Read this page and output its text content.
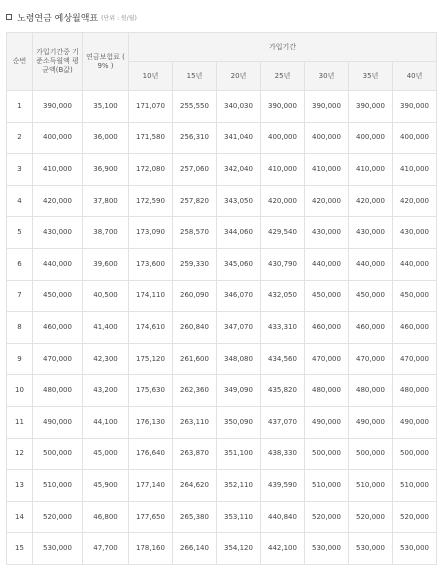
노령연금 예상월액표 (단위 : 원/월)
순번	가입기간중 기준소득월액 평균액(B값)	연금보험료 ( 9% )	가입기간						
			10년	15년	20년	25년	30년	35년	40년
1	390,000	35,100	171,070	255,550	340,030	390,000	390,000	390,000	390,000
2	400,000	36,000	171,580	256,310	341,040	400,000	400,000	400,000	400,000
3	410,000	36,900	172,080	257,060	342,040	410,000	410,000	410,000	410,000
4	420,000	37,800	172,590	257,820	343,050	420,000	420,000	420,000	420,000
5	430,000	38,700	173,090	258,570	344,060	429,540	430,000	430,000	430,000
6	440,000	39,600	173,600	259,330	345,060	430,790	440,000	440,000	440,000
7	450,000	40,500	174,110	260,090	346,070	432,050	450,000	450,000	450,000
8	460,000	41,400	174,610	260,840	347,070	433,310	460,000	460,000	460,000
9	470,000	42,300	175,120	261,600	348,080	434,560	470,000	470,000	470,000
10	480,000	43,200	175,630	262,360	349,090	435,820	480,000	480,000	480,000
11	490,000	44,100	176,130	263,110	350,090	437,070	490,000	490,000	490,000
12	500,000	45,000	176,640	263,870	351,100	438,330	500,000	500,000	500,000
13	510,000	45,900	177,140	264,620	352,110	439,590	510,000	510,000	510,000
14	520,000	46,800	177,650	265,380	353,110	440,840	520,000	520,000	520,000
15	530,000	47,700	178,160	266,140	354,120	442,100	530,000	530,000	530,000
